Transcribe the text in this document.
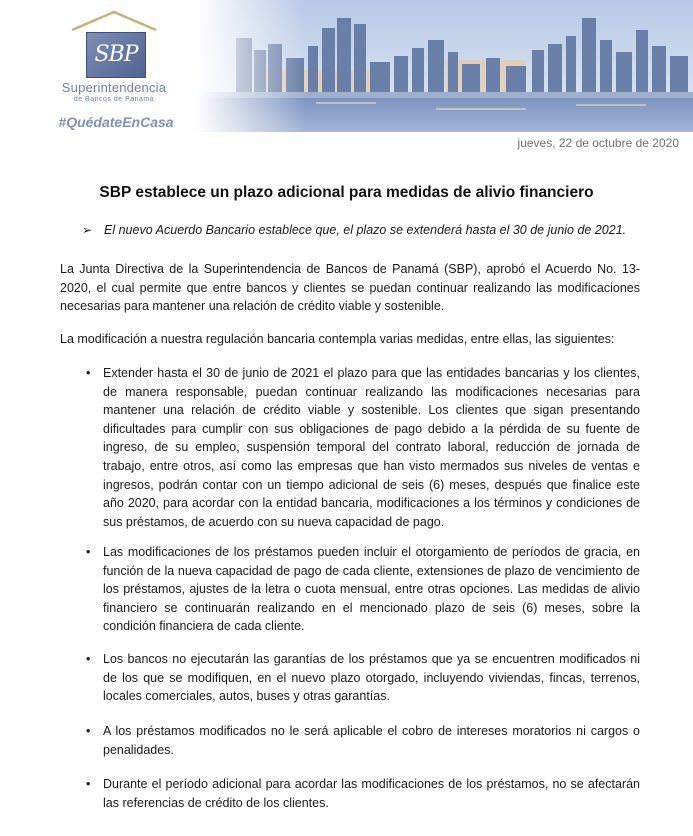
SBP
Superintendencia
de Bancos de Panamá
#QuédateEnCasa
jueves, 22 de octubre de 2020
SBP establece un plazo adicional para medidas de alivio financiero
➢ El nuevo Acuerdo Bancario establece que, el plazo se extenderá hasta el 30 de junio de 2021.
La Junta Directiva de la Superintendencia de Bancos de Panamá (SBP), aprobó el Acuerdo No. 13-2020, el cual permite que entre bancos y clientes se puedan continuar realizando las modificaciones necesarias para mantener una relación de crédito viable y sostenible.
La modificación a nuestra regulación bancaria contempla varias medidas, entre ellas, las siguientes:
•	Extender hasta el 30 de junio de 2021 el plazo para que las entidades bancarias y los clientes, de manera responsable, puedan continuar realizando las modificaciones necesarias para mantener una relación de crédito viable y sostenible. Los clientes que sigan presentando dificultades para cumplir con sus obligaciones de pago debido a la pérdida de su fuente de ingreso, de su empleo, suspensión temporal del contrato laboral, reducción de jornada de trabajo, entre otros, así como las empresas que han visto mermados sus niveles de ventas e ingresos, podrán contar con un tiempo adicional de seis (6) meses, después que finalice este año 2020, para acordar con la entidad bancaria, modificaciones a los términos y condiciones de sus préstamos, de acuerdo con su nueva capacidad de pago.
•	Las modificaciones de los préstamos pueden incluir el otorgamiento de períodos de gracia, en función de la nueva capacidad de pago de cada cliente, extensiones de plazo de vencimiento de los préstamos, ajustes de la letra o cuota mensual, entre otras opciones. Las medidas de alivio financiero se continuarán realizando en el mencionado plazo de seis (6) meses, sobre la condición financiera de cada cliente.
•	Los bancos no ejecutarán las garantías de los préstamos que ya se encuentren modificados ni de los que se modifiquen, en el nuevo plazo otorgado, incluyendo viviendas, fincas, terrenos, locales comerciales, autos, buses y otras garantías.
•	A los préstamos modificados no le será aplicable el cobro de intereses moratorios ni cargos o penalidades.
•	Durante el período adicional para acordar las modificaciones de los préstamos, no se afectarán las referencias de crédito de los clientes.
